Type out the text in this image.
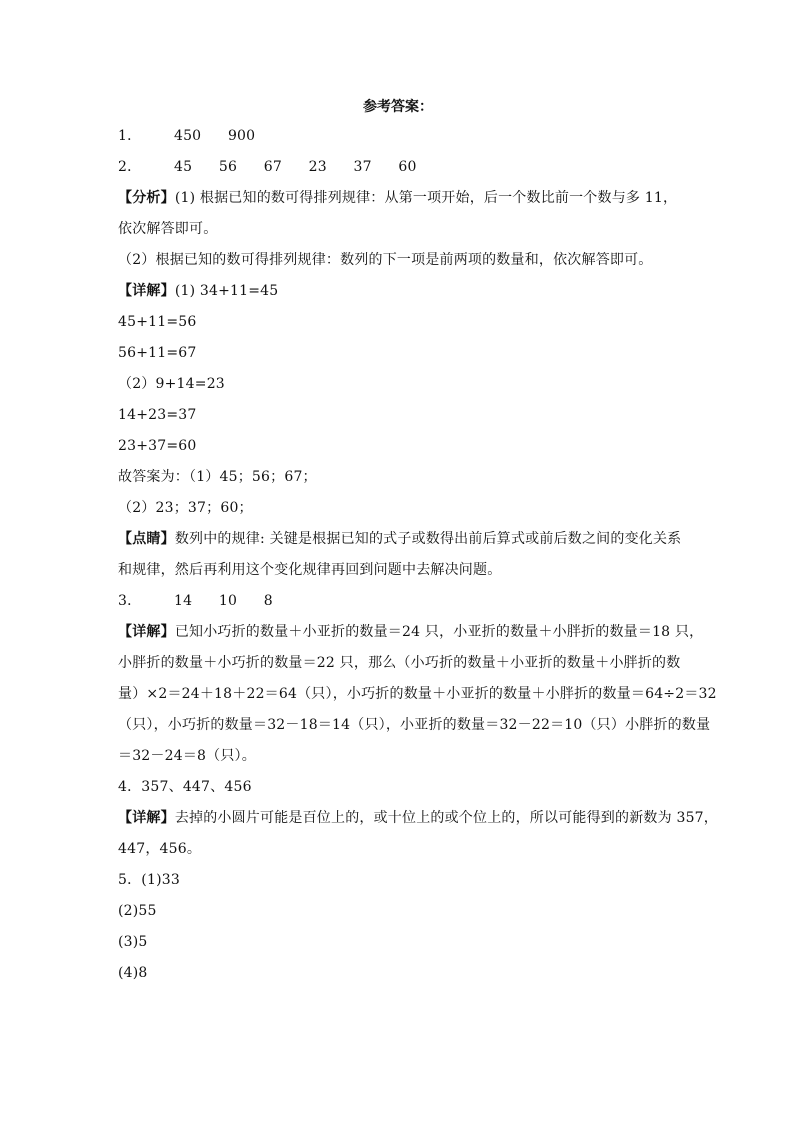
参考答案：
1． 450 900
2． 45 56 67 23 37 60
【分析】(1) 根据已知的数可得排列规律：从第一项开始，后一个数比前一个数与多 11，
依次解答即可。
（2）根据已知的数可得排列规律：数列的下一项是前两项的数量和，依次解答即可。
【详解】(1) 34+11=45
45+11=56
56+11=67
（2）9+14=23
14+23=37
23+37=60
故答案为：（1）45；56；67；
（2）23；37；60；
【点睛】数列中的规律: 关键是根据已知的式子或数得出前后算式或前后数之间的变化关系
和规律，然后再利用这个变化规律再回到问题中去解决问题。
3． 14 10 8
【详解】已知小巧折的数量＋小亚折的数量＝24 只，小亚折的数量＋小胖折的数量＝18 只，
小胖折的数量＋小巧折的数量＝22 只，那么（小巧折的数量＋小亚折的数量＋小胖折的数
量）×2＝24＋18＋22＝64（只），小巧折的数量＋小亚折的数量＋小胖折的数量＝64÷2＝32
（只），小巧折的数量＝32－18＝14（只），小亚折的数量＝32－22＝10（只）小胖折的数量
＝32－24＝8（只）。
4．357、447、456
【详解】去掉的小圆片可能是百位上的，或十位上的或个位上的，所以可能得到的新数为 357，
447，456。
5．(1)33
(2)55
(3)5
(4)8
